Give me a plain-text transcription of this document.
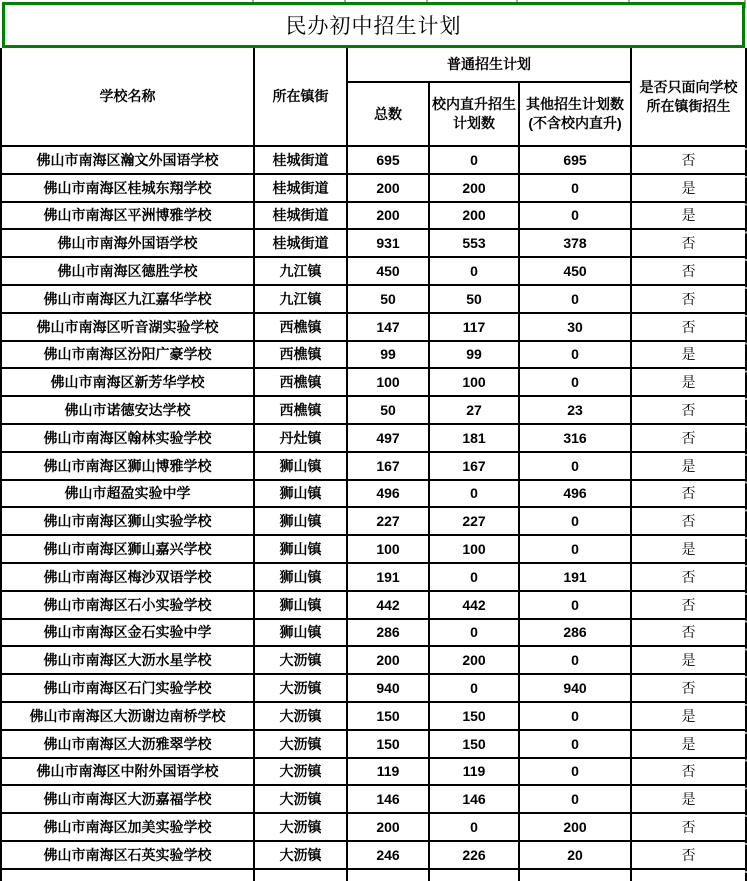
民办初中招生计划
学校名称	所在镇街	普通招生计划			是否只面向学校所在镇街招生
		总数	校内直升招生计划数	其他招生计划数(不含校内直升)	
佛山市南海区瀚文外国语学校	桂城街道	695	0	695	否
佛山市南海区桂城东翔学校	桂城街道	200	200	0	是
佛山市南海区平洲博雅学校	桂城街道	200	200	0	是
佛山市南海外国语学校	桂城街道	931	553	378	否
佛山市南海区德胜学校	九江镇	450	0	450	否
佛山市南海区九江嘉华学校	九江镇	50	50	0	否
佛山市南海区听音湖实验学校	西樵镇	147	117	30	否
佛山市南海区汾阳广豪学校	西樵镇	99	99	0	是
佛山市南海区新芳华学校	西樵镇	100	100	0	是
佛山市诺德安达学校	西樵镇	50	27	23	否
佛山市南海区翰林实验学校	丹灶镇	497	181	316	否
佛山市南海区狮山博雅学校	狮山镇	167	167	0	是
佛山市超盈实验中学	狮山镇	496	0	496	否
佛山市南海区狮山实验学校	狮山镇	227	227	0	否
佛山市南海区狮山嘉兴学校	狮山镇	100	100	0	是
佛山市南海区梅沙双语学校	狮山镇	191	0	191	否
佛山市南海区石小实验学校	狮山镇	442	442	0	否
佛山市南海区金石实验中学	狮山镇	286	0	286	否
佛山市南海区大沥水星学校	大沥镇	200	200	0	是
佛山市南海区石门实验学校	大沥镇	940	0	940	否
佛山市南海区大沥谢边南桥学校	大沥镇	150	150	0	是
佛山市南海区大沥雅翠学校	大沥镇	150	150	0	是
佛山市南海区中附外国语学校	大沥镇	119	119	0	否
佛山市南海区大沥嘉福学校	大沥镇	146	146	0	是
佛山市南海区加美实验学校	大沥镇	200	0	200	否
佛山市南海区石英实验学校	大沥镇	246	226	20	否
